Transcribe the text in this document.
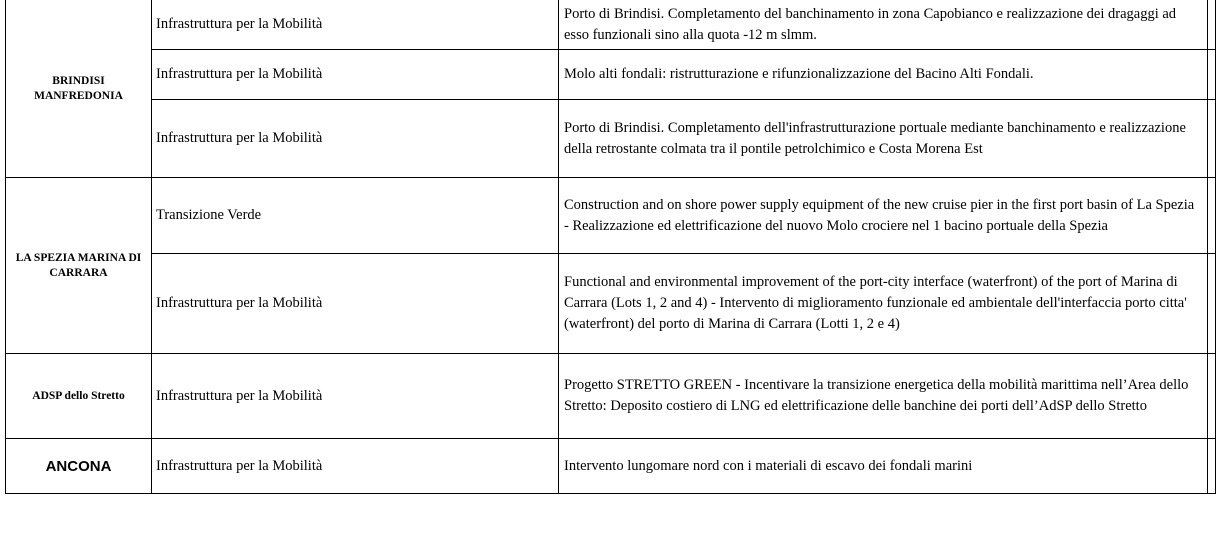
BRINDISI MANFREDONIA	Infrastruttura per la Mobilità	Porto di Brindisi. Completamento del banchinamento in zona Capobianco e realizzazione dei dragaggi ad esso funzionali sino alla quota -12 m slmm.	
	Infrastruttura per la Mobilità	Molo alti fondali: ristrutturazione e rifunzionalizzazione del Bacino Alti Fondali.	
	Infrastruttura per la Mobilità	Porto di Brindisi. Completamento dell'infrastrutturazione portuale mediante banchinamento e realizzazione della retrostante colmata tra il pontile petrolchimico e Costa Morena Est	
LA SPEZIA MARINA DI CARRARA	Transizione Verde	Construction and on shore power supply equipment of the new cruise pier in the first port basin of La Spezia - Realizzazione ed elettrificazione del nuovo Molo crociere nel 1 bacino portuale della Spezia	
	Infrastruttura per la Mobilità	Functional and environmental improvement of the port-city interface (waterfront) of the port of Marina di Carrara (Lots 1, 2 and 4) - Intervento di miglioramento funzionale ed ambientale dell'interfaccia porto citta' (waterfront) del porto di Marina di Carrara (Lotti 1, 2 e 4)	
ADSP dello Stretto	Infrastruttura per la Mobilità	Progetto STRETTO GREEN - Incentivare la transizione energetica della mobilità marittima nell’Area dello Stretto: Deposito costiero di LNG ed elettrificazione delle banchine dei porti dell’AdSP dello Stretto	
ANCONA	Infrastruttura per la Mobilità	Intervento lungomare nord con i materiali di escavo dei fondali marini	
